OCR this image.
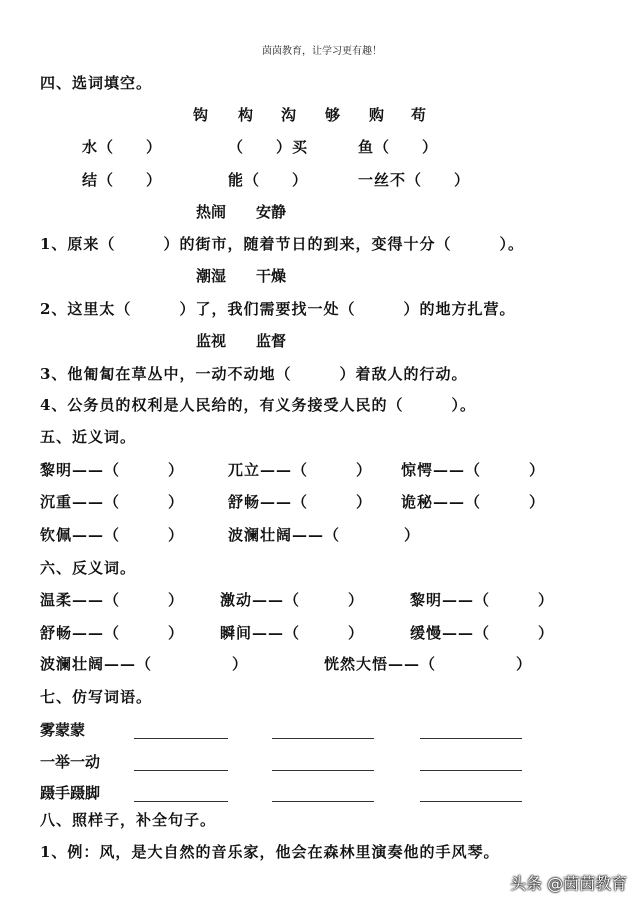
茵茵教育，让学习更有趣！
四、选词填空。
钩 构 沟 够 购 苟
水（　　）	（　　）买	鱼（　　）
结（　　）	能（　　）	一丝不（　　）
热闹　　安静
1、原来（　　　）的街市，随着节日的到来，变得十分（　　　）。
潮湿　　干燥
2、这里太（　　　）了，我们需要找一处（　　　）的地方扎营。
监视　　监督
3、他匍匐在草丛中，一动不动地（　　　）着敌人的行动。
4、公务员的权利是人民给的，有义务接受人民的（　　　）。
五、近义词。
黎明——（　　　）	兀立——（　　　） 惊愕——（　　　）
沉重——（　　　）	舒畅——（　　　） 诡秘——（　　　）
钦佩——（　　　）	波澜壮阔——（　　　　）
六、反义词。
温柔——（　　　） 激动——（　　　）	黎明——（　　　）
舒畅——（　　　） 瞬间——（　　　）	缓慢——（　　　）
波澜壮阔——（　　　　　）	恍然大悟——（　　　　　）
七、仿写词语。
雾蒙蒙
一举一动
蹑手蹑脚
八、照样子，补全句子。
1、例：风，是大自然的音乐家，他会在森林里演奏他的手风琴。
头条 @茵茵教育
